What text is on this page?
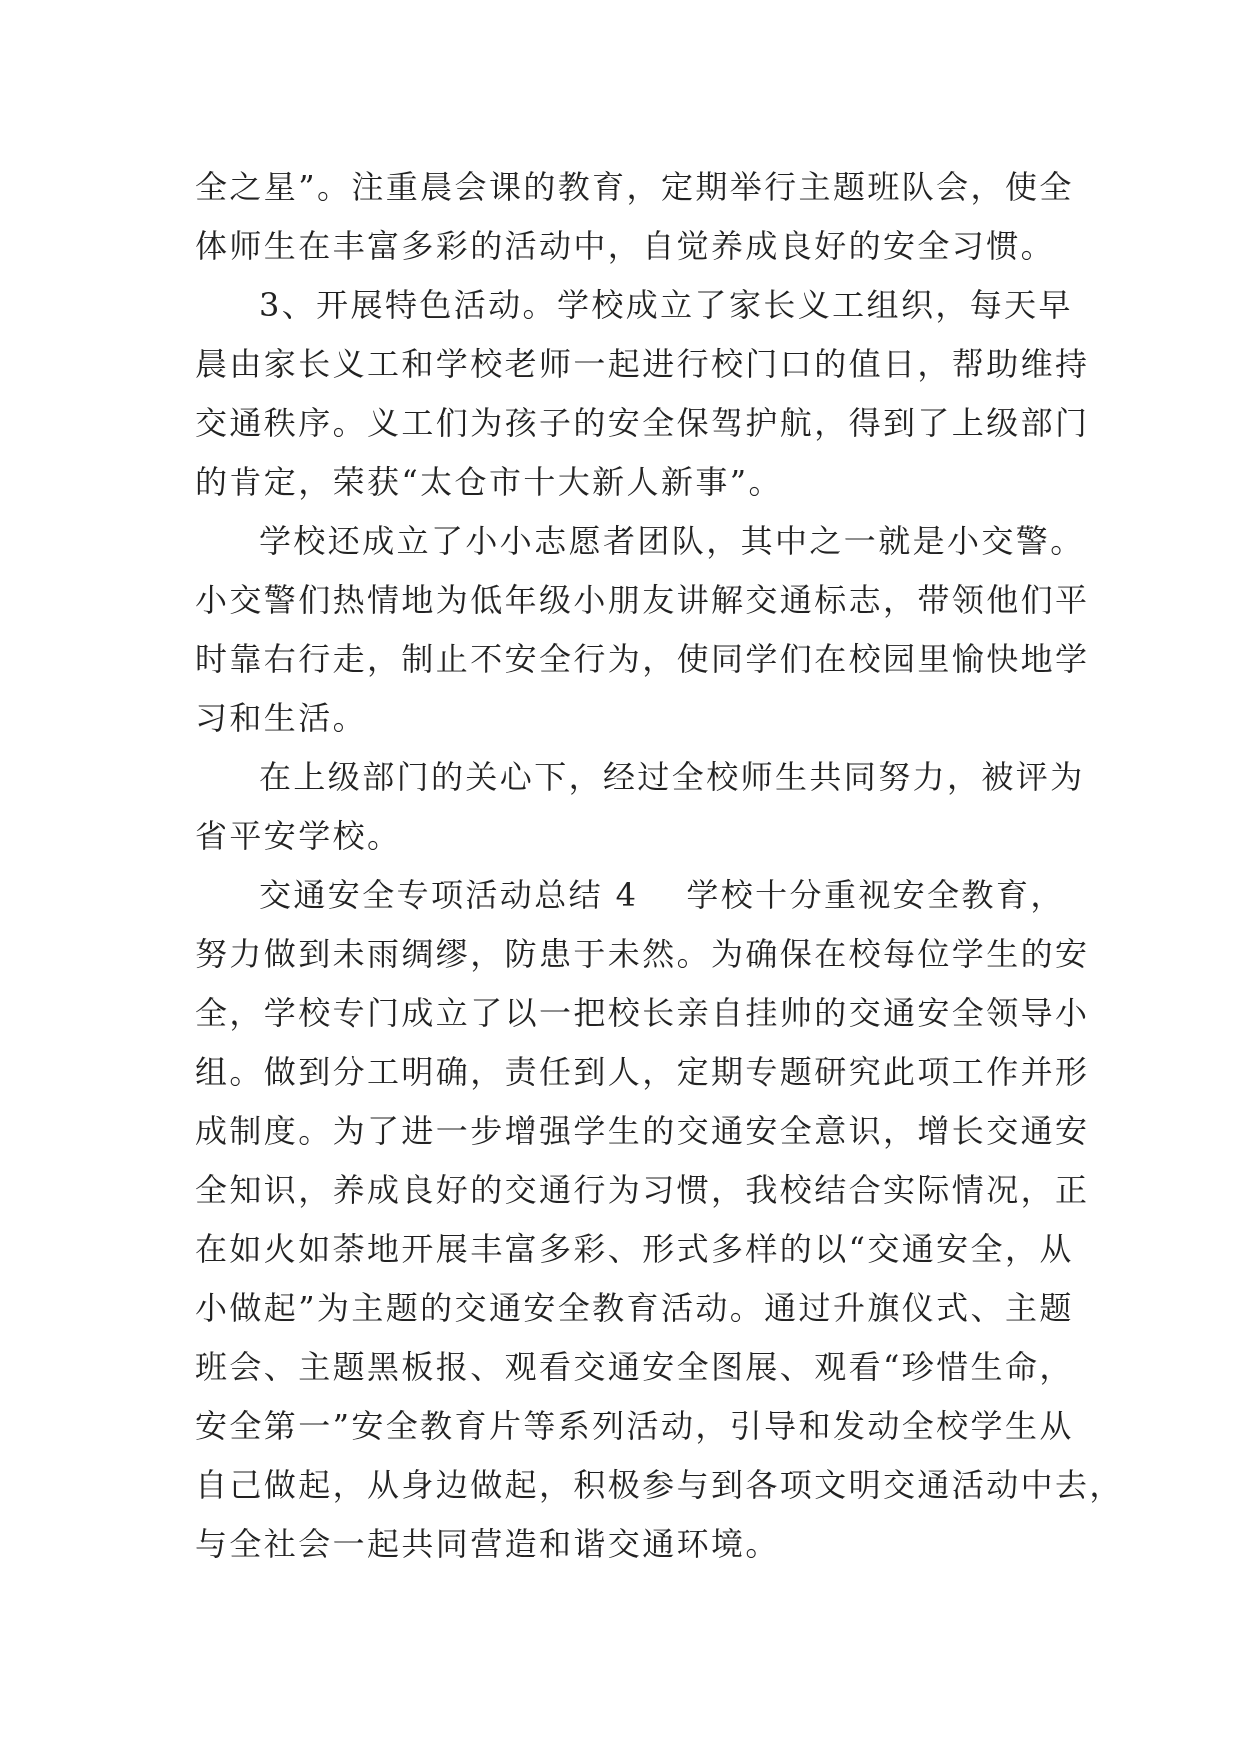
全之星”。注重晨会课的教育，定期举行主题班队会，使全
体师生在丰富多彩的活动中，自觉养成良好的安全习惯。
3、开展特色活动。学校成立了家长义工组织，每天早
晨由家长义工和学校老师一起进行校门口的值日，帮助维持
交通秩序。义工们为孩子的安全保驾护航，得到了上级部门
的肯定，荣获“太仓市十大新人新事”。
学校还成立了小小志愿者团队，其中之一就是小交警。
小交警们热情地为低年级小朋友讲解交通标志，带领他们平
时靠右行走，制止不安全行为，使同学们在校园里愉快地学
习和生活。
在上级部门的关心下，经过全校师生共同努力，被评为
省平安学校。
交通安全专项活动总结 4 学校十分重视安全教育，
努力做到未雨绸缪，防患于未然。为确保在校每位学生的安
全，学校专门成立了以一把校长亲自挂帅的交通安全领导小
组。做到分工明确，责任到人，定期专题研究此项工作并形
成制度。为了进一步增强学生的交通安全意识，增长交通安
全知识，养成良好的交通行为习惯，我校结合实际情况，正
在如火如荼地开展丰富多彩、形式多样的以“交通安全，从
小做起”为主题的交通安全教育活动。通过升旗仪式、主题
班会、主题黑板报、观看交通安全图展、观看“珍惜生命，
安全第一”安全教育片等系列活动，引导和发动全校学生从
自己做起，从身边做起，积极参与到各项文明交通活动中去，
与全社会一起共同营造和谐交通环境。
